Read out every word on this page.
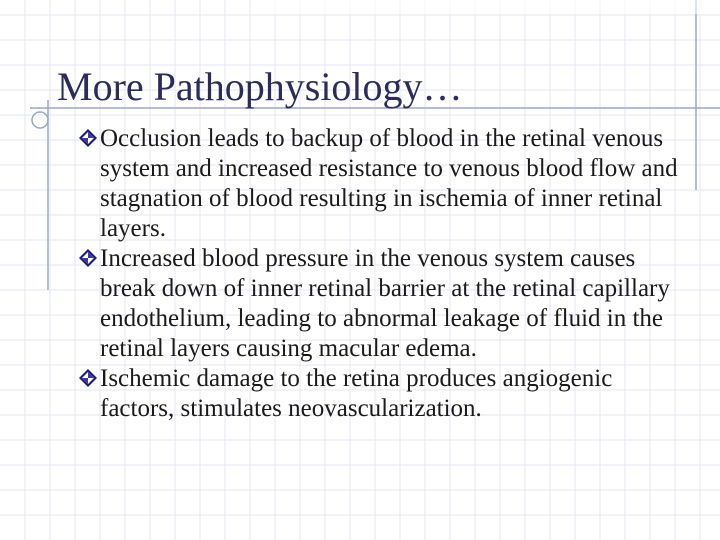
More Pathophysiology…
Occlusion leads to backup of blood in the retinal venous system and increased resistance to venous blood flow and stagnation of blood resulting in ischemia of inner retinal layers.
Increased blood pressure in the venous system causes break down of inner retinal barrier at the retinal capillary endothelium, leading to abnormal leakage of fluid in the retinal layers causing macular edema.
Ischemic damage to the retina produces angiogenic factors, stimulates neovascularization.
